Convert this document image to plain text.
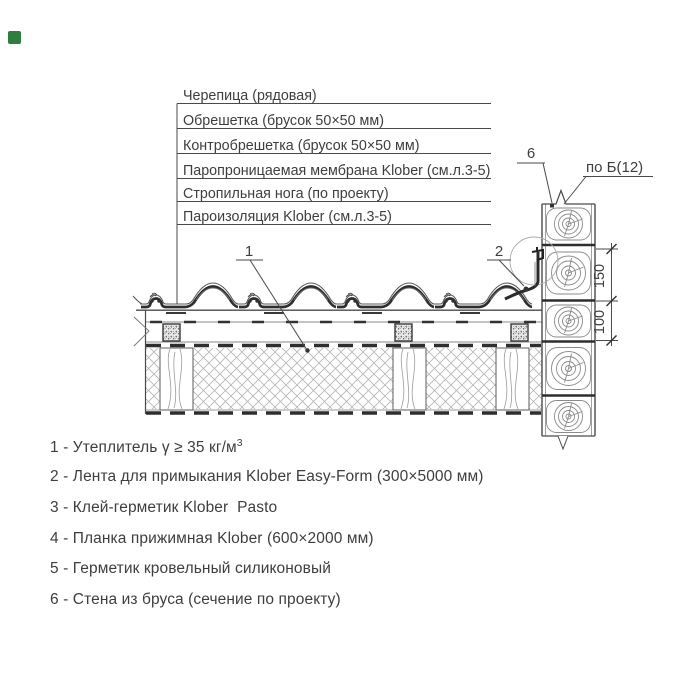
Черепица (рядовая)
Обрешетка (брусок 50×50 мм)
Контробрешетка (брусок 50×50 мм)
Паропроницаемая мембрана Klober (см.л.3-5)
Стропильная нога (по проекту)
Пароизоляция Klober (см.л.3-5)
1	2
6
по Б(12)
150
100
1 - Утеплитель γ ≥ 35 $кг/м^3$
2 - Лента для примыкания Klober Easy-Form (300×5000 мм)
3 - Клей-герметик Klober  Pasto
4 - Планка прижимная Klober (600×2000 мм)
5 - Герметик кровельный силиконовый
6 - Стена из бруса (сечение по проекту)
